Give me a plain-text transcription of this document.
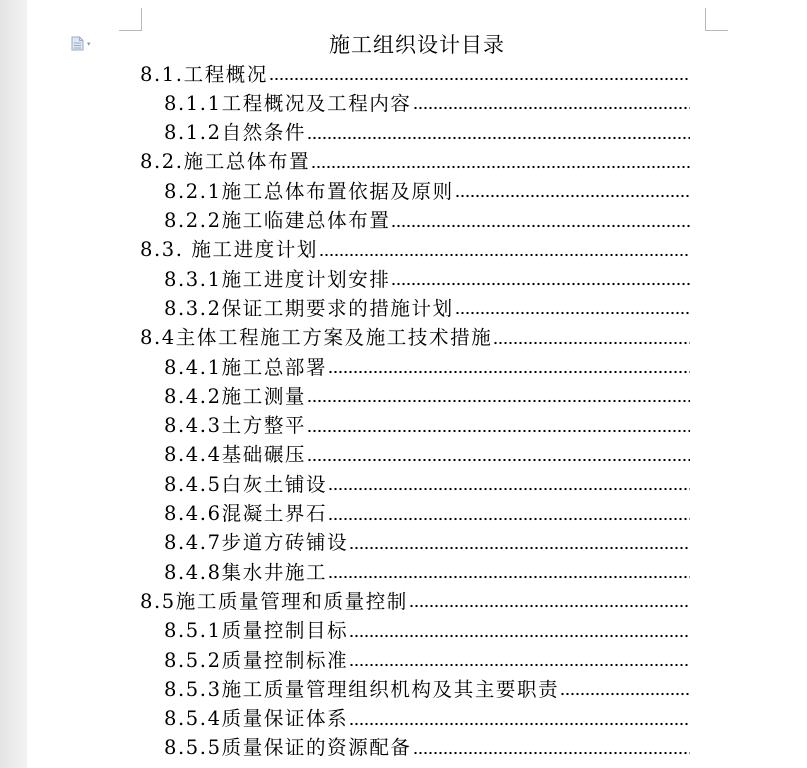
▾	施工组织设计目录
8.1.工程概况
8.1.1工程概况及工程内容
8.1.2自然条件
8.2.施工总体布置
8.2.1施工总体布置依据及原则
8.2.2施工临建总体布置
8.3. 施工进度计划
8.3.1施工进度计划安排
8.3.2保证工期要求的措施计划
8.4主体工程施工方案及施工技术措施
8.4.1施工总部署
8.4.2施工测量
8.4.3土方整平
8.4.4基础碾压
8.4.5白灰土铺设
8.4.6混凝土界石
8.4.7步道方砖铺设
8.4.8集水井施工
8.5施工质量管理和质量控制
8.5.1质量控制目标
8.5.2质量控制标准
8.5.3施工质量管理组织机构及其主要职责
8.5.4质量保证体系
8.5.5质量保证的资源配备
